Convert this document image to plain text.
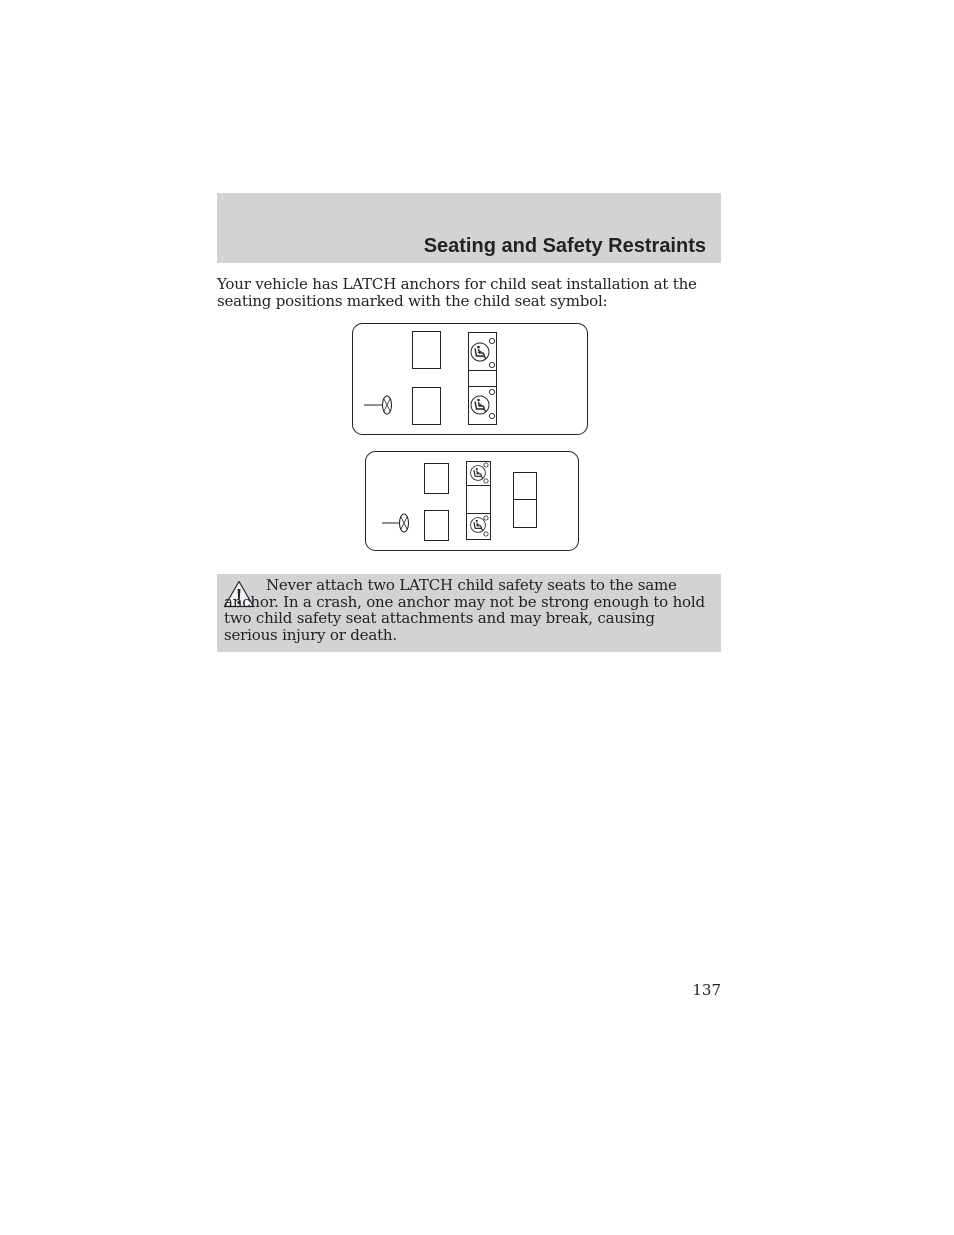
Seating and Safety Restraints

Your vehicle has LATCH anchors for child seat installation at the seating positions marked with the child seat symbol:

Never attach two LATCH child safety seats to the same anchor. In a crash, one anchor may not be strong enough to hold two child safety seat attachments and may break, causing serious injury or death.

137
